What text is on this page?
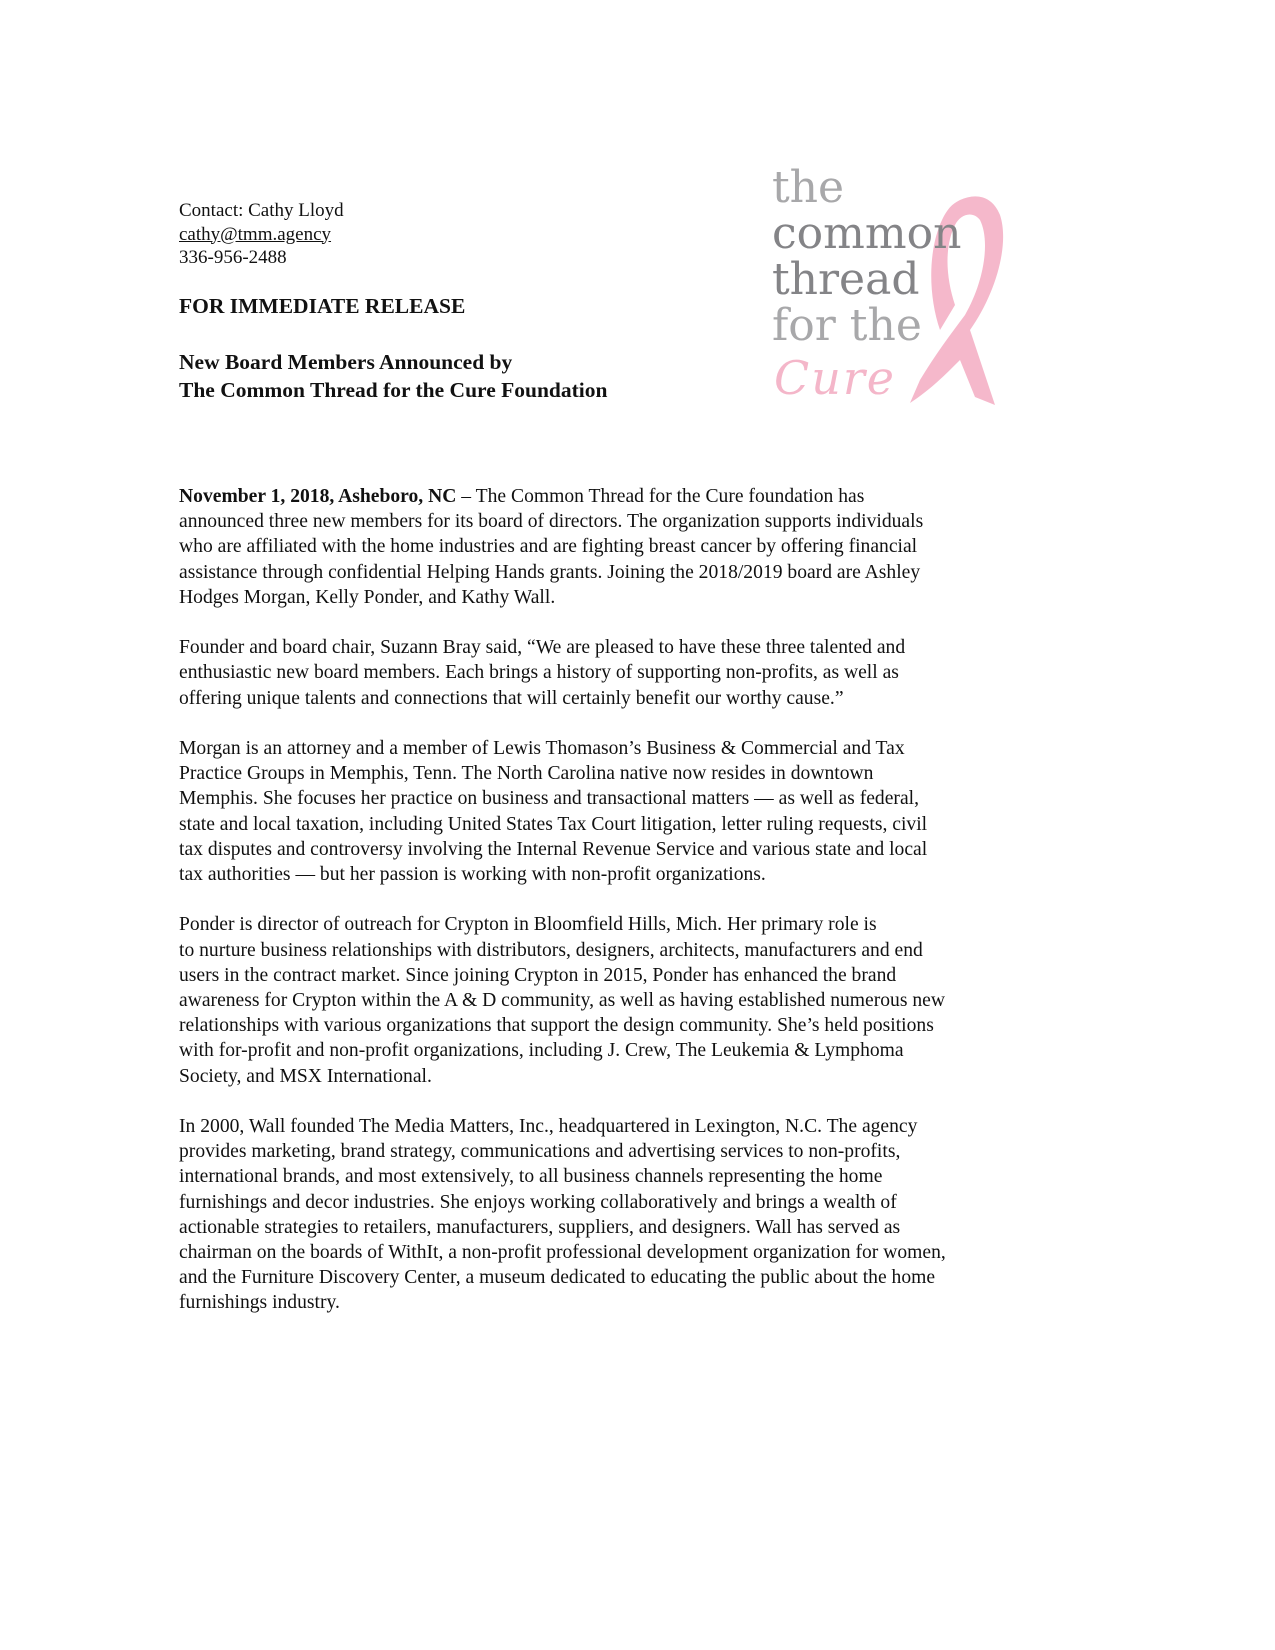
Contact: Cathy Lloyd
cathy@tmm.agency
336-956-2488
FOR IMMEDIATE RELEASE
New Board Members Announced by
The Common Thread for the Cure Foundation
the
common
thread
for the
Cure

November 1, 2018, Asheboro, NC – The Common Thread for the Cure foundation has
announced three new members for its board of directors. The organization supports individuals
who are affiliated with the home industries and are fighting breast cancer by offering financial
assistance through confidential Helping Hands grants. Joining the 2018/2019 board are Ashley
Hodges Morgan, Kelly Ponder, and Kathy Wall.

Founder and board chair, Suzann Bray said, “We are pleased to have these three talented and
enthusiastic new board members. Each brings a history of supporting non-profits, as well as
offering unique talents and connections that will certainly benefit our worthy cause.”

Morgan is an attorney and a member of Lewis Thomason’s Business & Commercial and Tax
Practice Groups in Memphis, Tenn. The North Carolina native now resides in downtown
Memphis. She focuses her practice on business and transactional matters — as well as federal,
state and local taxation, including United States Tax Court litigation, letter ruling requests, civil
tax disputes and controversy involving the Internal Revenue Service and various state and local
tax authorities — but her passion is working with non-profit organizations.

Ponder is director of outreach for Crypton in Bloomfield Hills, Mich. Her primary role is
to nurture business relationships with distributors, designers, architects, manufacturers and end
users in the contract market. Since joining Crypton in 2015, Ponder has enhanced the brand
awareness for Crypton within the A & D community, as well as having established numerous new
relationships with various organizations that support the design community. She’s held positions
with for-profit and non-profit organizations, including J. Crew, The Leukemia & Lymphoma
Society, and MSX International.

In 2000, Wall founded The Media Matters, Inc., headquartered in Lexington, N.C. The agency
provides marketing, brand strategy, communications and advertising services to non-profits,
international brands, and most extensively, to all business channels representing the home
furnishings and decor industries. She enjoys working collaboratively and brings a wealth of
actionable strategies to retailers, manufacturers, suppliers, and designers. Wall has served as
chairman on the boards of WithIt, a non-profit professional development organization for women,
and the Furniture Discovery Center, a museum dedicated to educating the public about the home
furnishings industry.
